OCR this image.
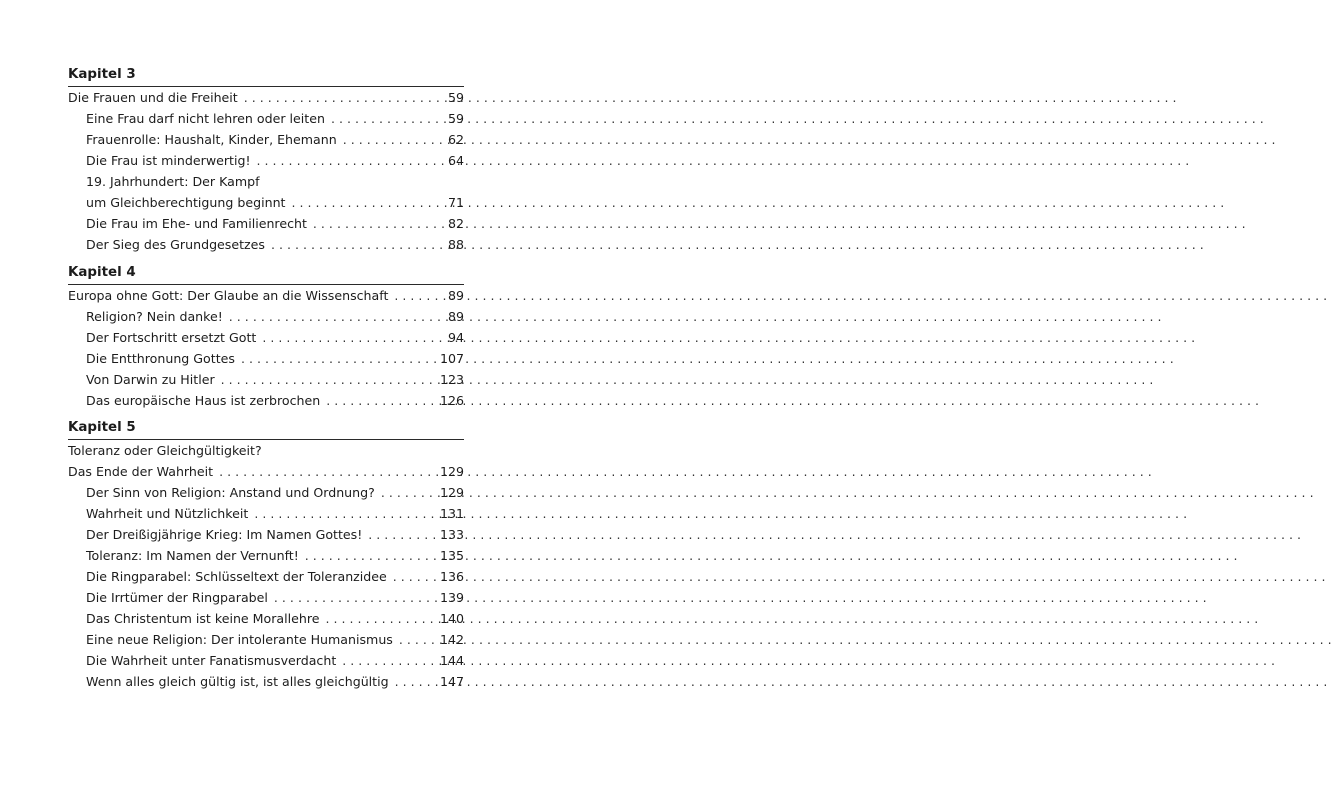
Kapitel 3
Die Frauen und die Freiheit . . .	59
Eine Frau darf nicht lehren oder leiten . . .	59
Frauenrolle: Haushalt, Kinder, Ehemann . . .	62
Die Frau ist minderwertig! . . .	64
19. Jahrhundert: Der Kampf
um Gleichberechtigung beginnt . . .	71
Die Frau im Ehe- und Familienrecht . . .	82
Der Sieg des Grundgesetzes . . .	88
Kapitel 4
Europa ohne Gott: Der Glaube an die Wissenschaft . . .	89
Religion? Nein danke! . . .	89
Der Fortschritt ersetzt Gott . . .	94
Die Entthronung Gottes . . .	107
Von Darwin zu Hitler . . .	123
Das europäische Haus ist zerbrochen . . .	126
Kapitel 5
Toleranz oder Gleichgültigkeit?
Das Ende der Wahrheit . . .	129
Der Sinn von Religion: Anstand und Ordnung? . . .	129
Wahrheit und Nützlichkeit . . .	131
Der Dreißigjährige Krieg: Im Namen Gottes! . . .	133
Toleranz: Im Namen der Vernunft! . . .	135
Die Ringparabel: Schlüsseltext der Toleranzidee . . .	136
Die Irrtümer der Ringparabel . . .	139
Das Christentum ist keine Morallehre . . .	140
Eine neue Religion: Der intolerante Humanismus . . .	142
Die Wahrheit unter Fanatismusverdacht . . .	144
Wenn alles gleich gültig ist, ist alles gleichgültig . . .	147
